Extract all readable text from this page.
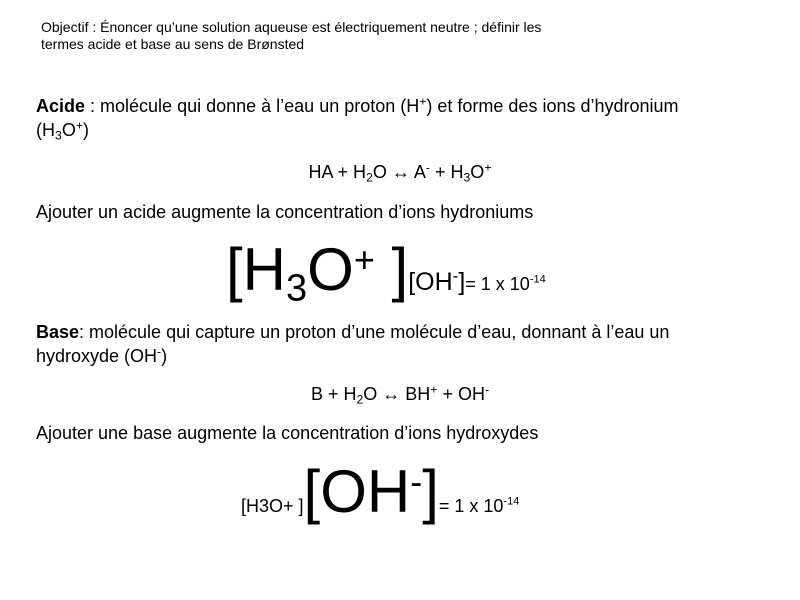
Objectif : Énoncer qu’une solution aqueuse est électriquement neutre ; définir les
termes acide et base au sens de Brønsted
Acide : molécule qui donne à l’eau un proton (H+) et forme des ions d’hydronium
$(H_3O^+)$
HA + $H_2O$ ↔ $A^- + H_3O^+$
Ajouter un acide augmente la concentration d’ions hydroniums
[$H_3O^+$ ] [OH-] = 1 x $10^{-14}$
Base: molécule qui capture un proton d’une molécule d’eau, donnant à l’eau un
hydroxyde (OH-)
$B + H_2O$ ↔ BH+ + OH-
Ajouter une base augmente la concentration d’ions hydroxydes
[H3O+ ] [OH-] = 1 x $10^{-14}$
